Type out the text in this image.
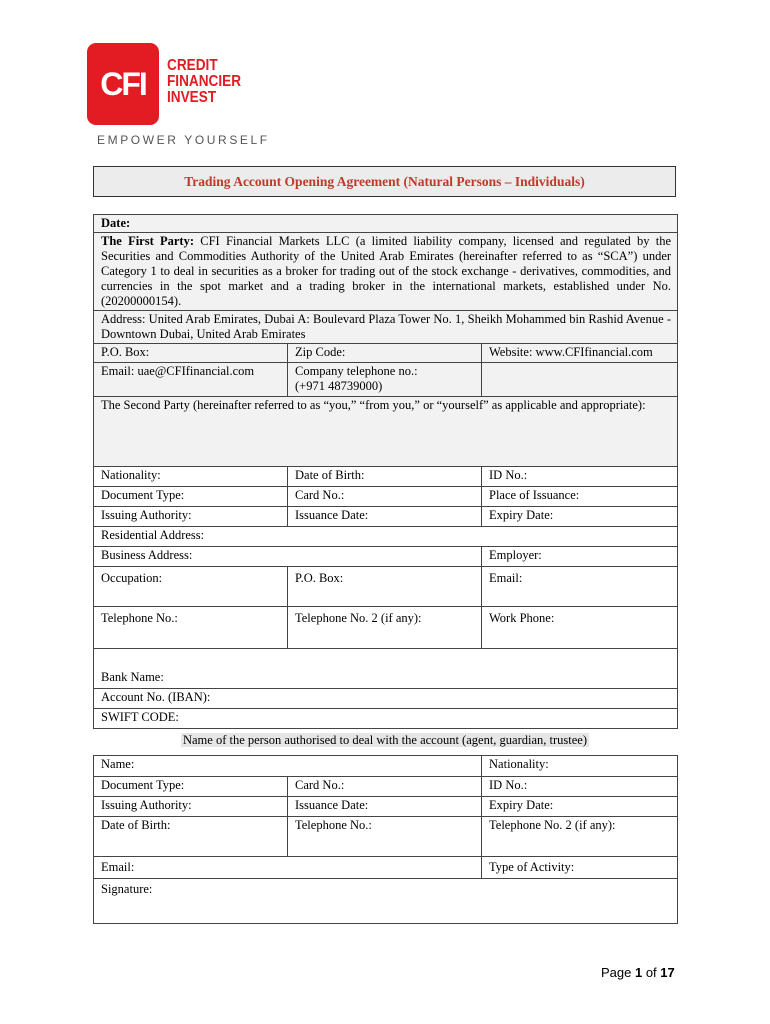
CFI	CREDIT
FINANCIER
INVEST
EMPOWER YOURSELF
Trading Account Opening Agreement (Natural Persons – Individuals)
Date:		
The First Party: CFI Financial Markets LLC (a limited liability company, licensed and regulated by the Securities and Commodities Authority of the United Arab Emirates (hereinafter referred to as “SCA”) under Category 1 to deal in securities as a broker for trading out of the stock exchange - derivatives, commodities, and currencies in the spot market and a trading broker in the international markets, established under No. (20200000154).		
Address: United Arab Emirates, Dubai A: Boulevard Plaza Tower No. 1, Sheikh Mohammed bin Rashid Avenue - Downtown Dubai, United Arab Emirates		
P.O. Box:	Zip Code:	Website: www.CFIfinancial.com
Email: uae@CFIfinancial.com	Company telephone no.:
(+971 48739000)	

The Second Party (hereinafter referred to as “you,” “from you,” or “yourself” as applicable and appropriate):		
Nationality:	Date of Birth:	ID No.:
Document Type:	Card No.:	Place of Issuance:
Issuing Authority:	Issuance Date:	Expiry Date:
Residential Address:		
Business Address:		Employer:
Occupation:	P.O. Box:	Email:
Telephone No.:	Telephone No. 2 (if any):	Work Phone:

Bank Name:		
Account No. (IBAN):		
SWIFT CODE:		
Name of the person authorised to deal with the account (agent, guardian, trustee)
Name:		Nationality:
Document Type:	Card No.:	ID No.:
Issuing Authority:	Issuance Date:	Expiry Date:
Date of Birth:	Telephone No.:	Telephone No. 2 (if any):
Email:		Type of Activity:
Signature:		
Page 1 of 17
